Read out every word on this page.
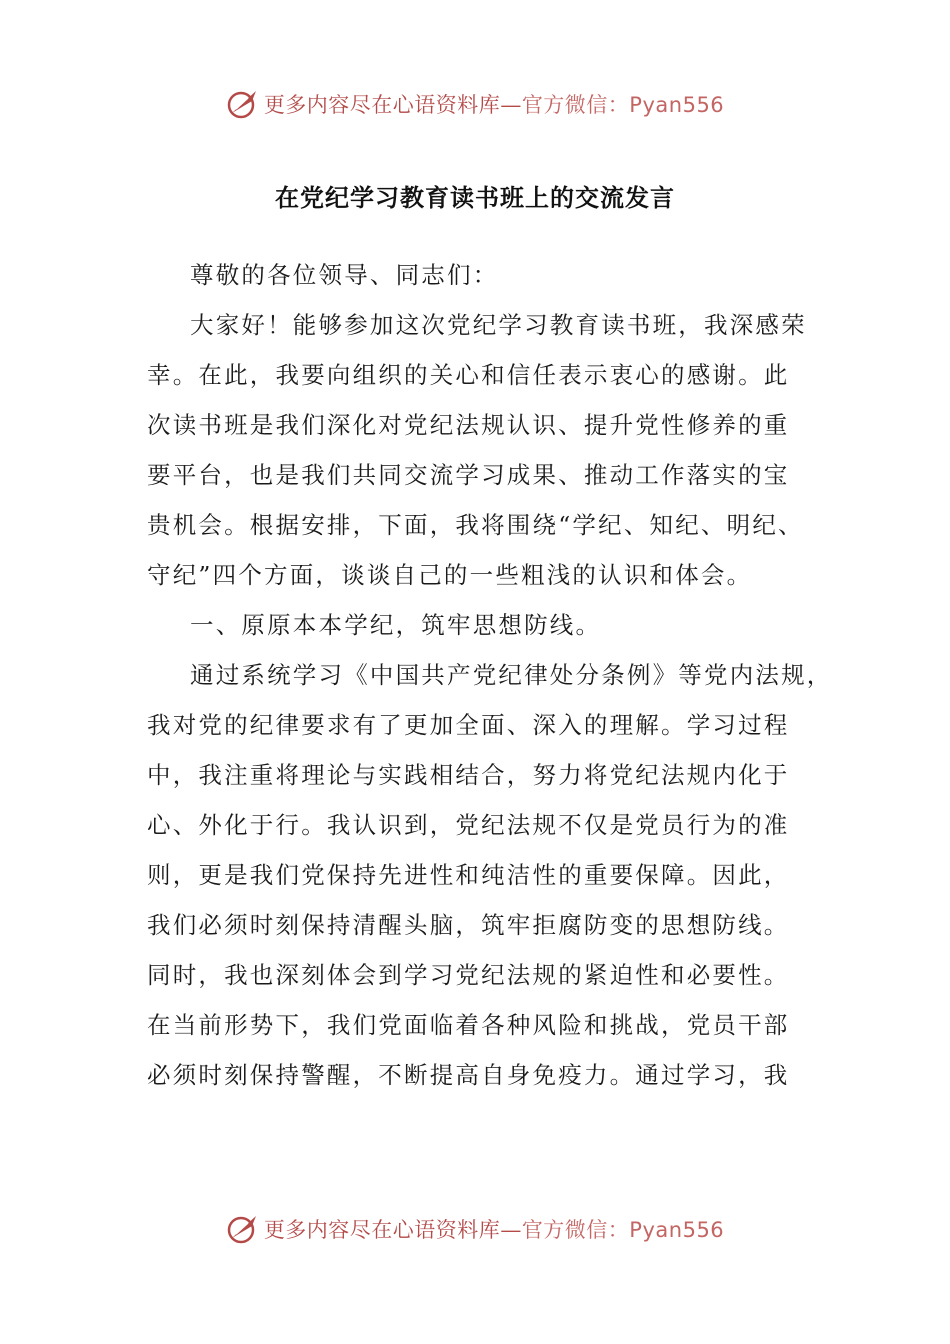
更多内容尽在心语资料库—官方微信：Pyan556
在党纪学习教育读书班上的交流发言
尊敬的各位领导、同志们：
大家好！能够参加这次党纪学习教育读书班，我深感荣
幸。在此，我要向组织的关心和信任表示衷心的感谢。此
次读书班是我们深化对党纪法规认识、提升党性修养的重
要平台，也是我们共同交流学习成果、推动工作落实的宝
贵机会。根据安排，下面，我将围绕“学纪、知纪、明纪、
守纪”四个方面，谈谈自己的一些粗浅的认识和体会。
一、原原本本学纪，筑牢思想防线。
通过系统学习《中国共产党纪律处分条例》等党内法规，
我对党的纪律要求有了更加全面、深入的理解。学习过程
中，我注重将理论与实践相结合，努力将党纪法规内化于
心、外化于行。我认识到，党纪法规不仅是党员行为的准
则，更是我们党保持先进性和纯洁性的重要保障。因此，
我们必须时刻保持清醒头脑，筑牢拒腐防变的思想防线。
同时，我也深刻体会到学习党纪法规的紧迫性和必要性。
在当前形势下，我们党面临着各种风险和挑战，党员干部
必须时刻保持警醒，不断提高自身免疫力。通过学习，我
更多内容尽在心语资料库—官方微信：Pyan556
